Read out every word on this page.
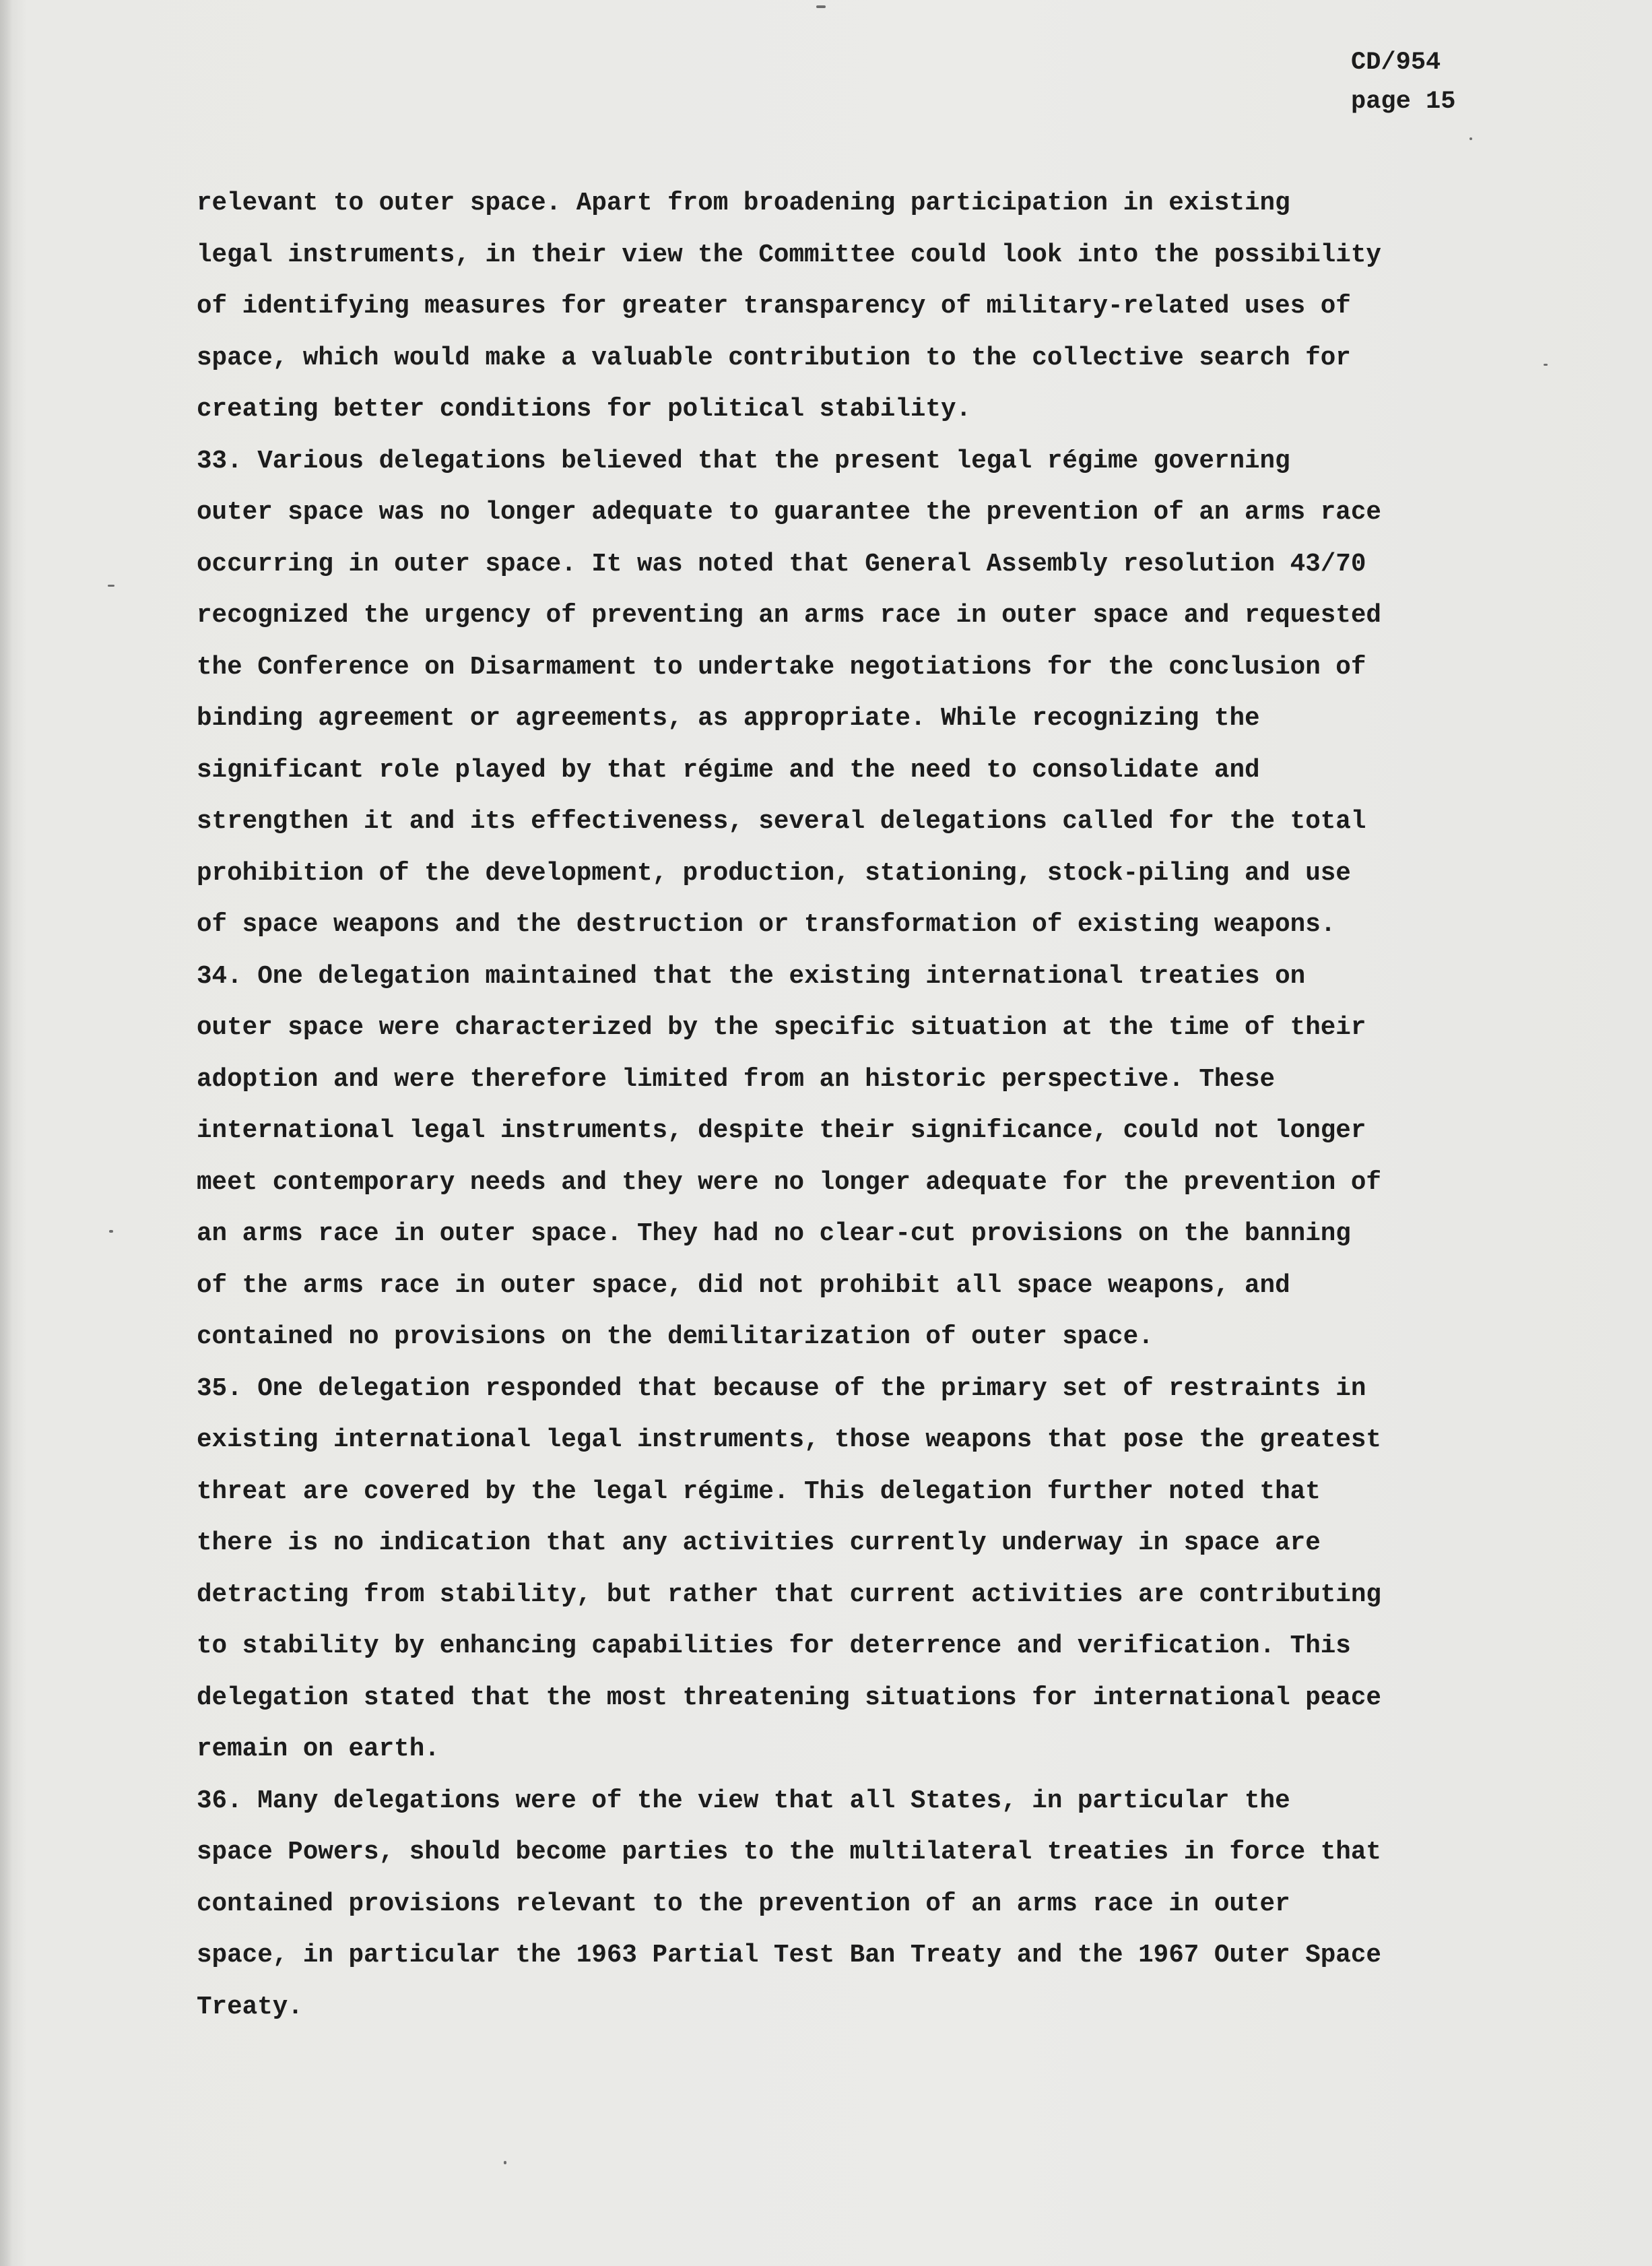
CD/954
page 15
relevant to outer space. Apart from broadening participation in existing
legal instruments, in their view the Committee could look into the possibility
of identifying measures for greater transparency of military-related uses of
space, which would make a valuable contribution to the collective search for
creating better conditions for political stability.
33. Various delegations believed that the present legal régime governing
outer space was no longer adequate to guarantee the prevention of an arms race
occurring in outer space. It was noted that General Assembly resolution 43/70
recognized the urgency of preventing an arms race in outer space and requested
the Conference on Disarmament to undertake negotiations for the conclusion of
binding agreement or agreements, as appropriate. While recognizing the
significant role played by that régime and the need to consolidate and
strengthen it and its effectiveness, several delegations called for the total
prohibition of the development, production, stationing, stock-piling and use
of space weapons and the destruction or transformation of existing weapons.
34. One delegation maintained that the existing international treaties on
outer space were characterized by the specific situation at the time of their
adoption and were therefore limited from an historic perspective. These
international legal instruments, despite their significance, could not longer
meet contemporary needs and they were no longer adequate for the prevention of
an arms race in outer space. They had no clear-cut provisions on the banning
of the arms race in outer space, did not prohibit all space weapons, and
contained no provisions on the demilitarization of outer space.
35. One delegation responded that because of the primary set of restraints in
existing international legal instruments, those weapons that pose the greatest
threat are covered by the legal régime. This delegation further noted that
there is no indication that any activities currently underway in space are
detracting from stability, but rather that current activities are contributing
to stability by enhancing capabilities for deterrence and verification. This
delegation stated that the most threatening situations for international peace
remain on earth.
36. Many delegations were of the view that all States, in particular the
space Powers, should become parties to the multilateral treaties in force that
contained provisions relevant to the prevention of an arms race in outer
space, in particular the 1963 Partial Test Ban Treaty and the 1967 Outer Space
Treaty.
